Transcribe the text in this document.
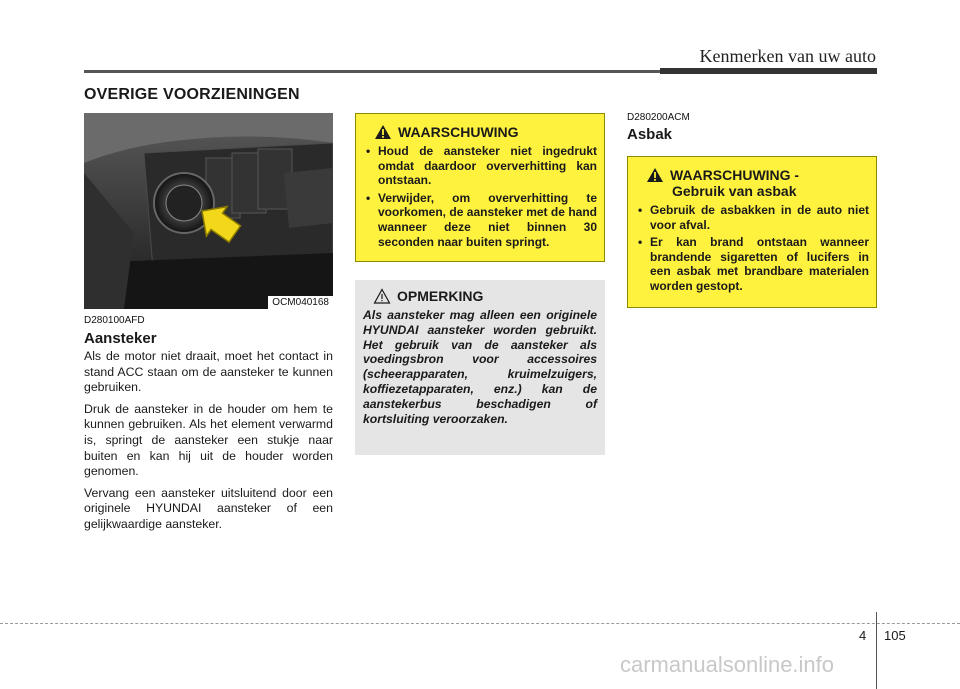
Kenmerken van uw auto
OVERIGE VOORZIENINGEN
OCM040168
D280100AFD
Aansteker

Als de motor niet draait, moet het contact in stand ACC staan om de aansteker te kunnen gebruiken.

Druk de aansteker in de houder om hem te kunnen gebruiken. Als het element verwarmd is, springt de aansteker een stukje naar buiten en kan hij uit de houder worden genomen.

Vervang een aansteker uitsluitend door een originele HYUNDAI aansteker of een gelijkwaardige aansteker.

WAARSCHUWING
• Houd de aansteker niet ingedrukt omdat daardoor oververhitting kan ontstaan.
• Verwijder, om oververhitting te voorkomen, de aansteker met de hand wanneer deze niet binnen 30 seconden naar buiten springt.
OPMERKING
Als aansteker mag alleen een originele HYUNDAI aansteker worden gebruikt. Het gebruik van de aansteker als voedingsbron voor accessoires (scheerapparaten, kruimelzuigers, koffiezetapparaten, enz.) kan de aanstekerbus beschadigen of kortsluiting veroorzaken.
D280200ACM
Asbak
WAARSCHUWING -
Gebruik van asbak
• Gebruik de asbakken in de auto niet voor afval.
• Er kan brand ontstaan wanneer brandende sigaretten of lucifers in een asbak met brandbare materialen worden gestopt.
4 105
carmanualsonline.info
